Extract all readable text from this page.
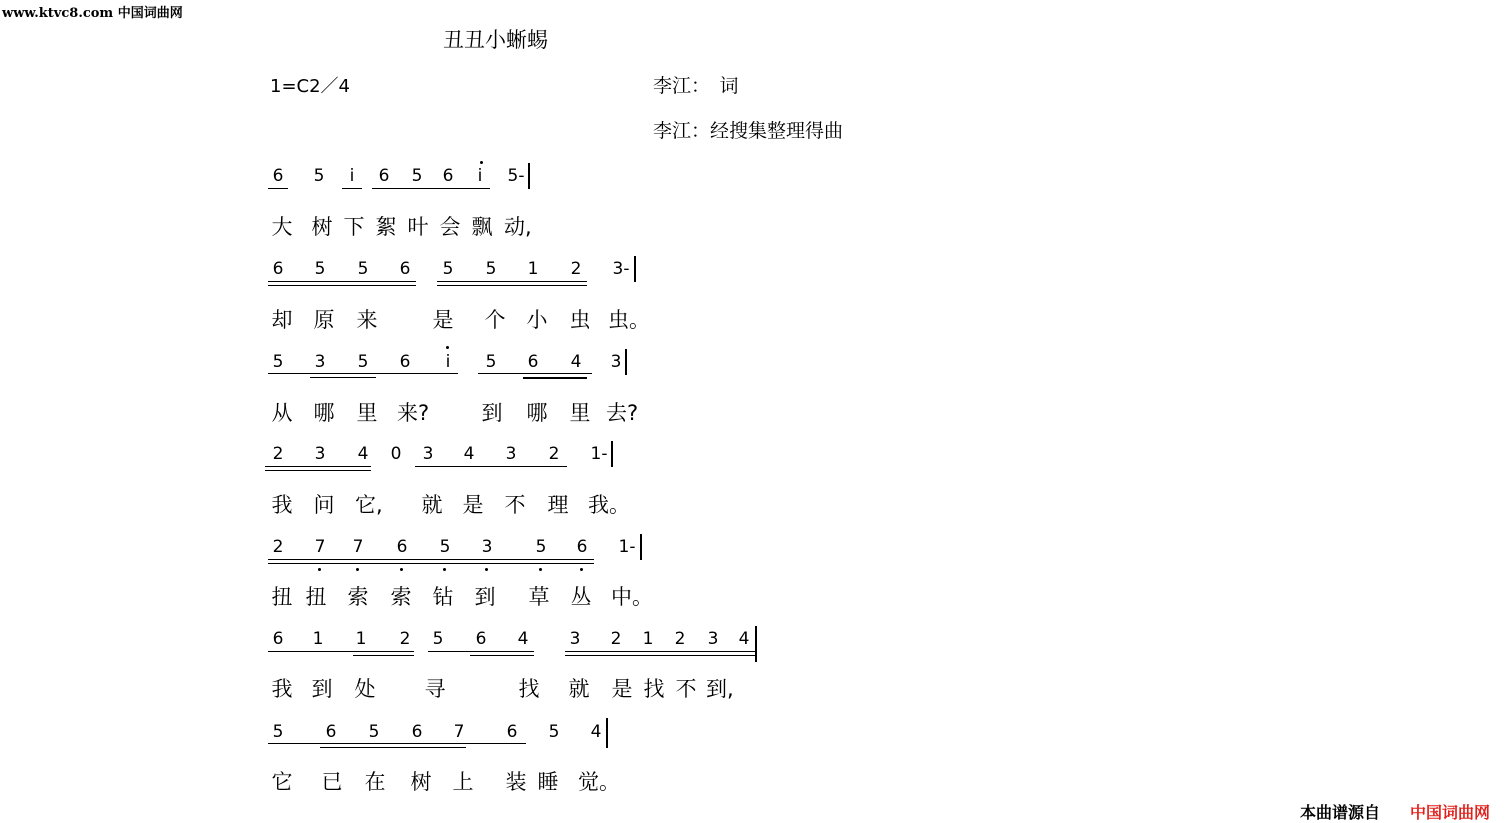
www.ktvc8.com 中国词曲网
丑丑小蜥蜴
1=C2／4	李江：　词
李江：经搜集整理得曲
6 5	i	6 5 6	i	5-
大 树 下 絮 叶 会 飘 动,
6 5 5 6 5 5 1 2 3-
却 原 来	是 个 小 虫 虫。
5 3 5 6	i	5 6 4 3
从 哪 里 来?	到 哪 里 去?
2 3 4 0 3 4 3 2 1-
我 问 它,	就 是 不 理 我。
2 7 7 6 5 3	5 6 1-
扭 扭 索 索 钻 到 草 丛 中。
6 1 1 2 5 6 4 3 2 1 2 3 4
我 到 处 寻	找 就 是 找 不 到,
5 6 5 6 7 6 5 4
它 已 在 树 上 装 睡 觉。
本曲谱源自 中国词曲网
